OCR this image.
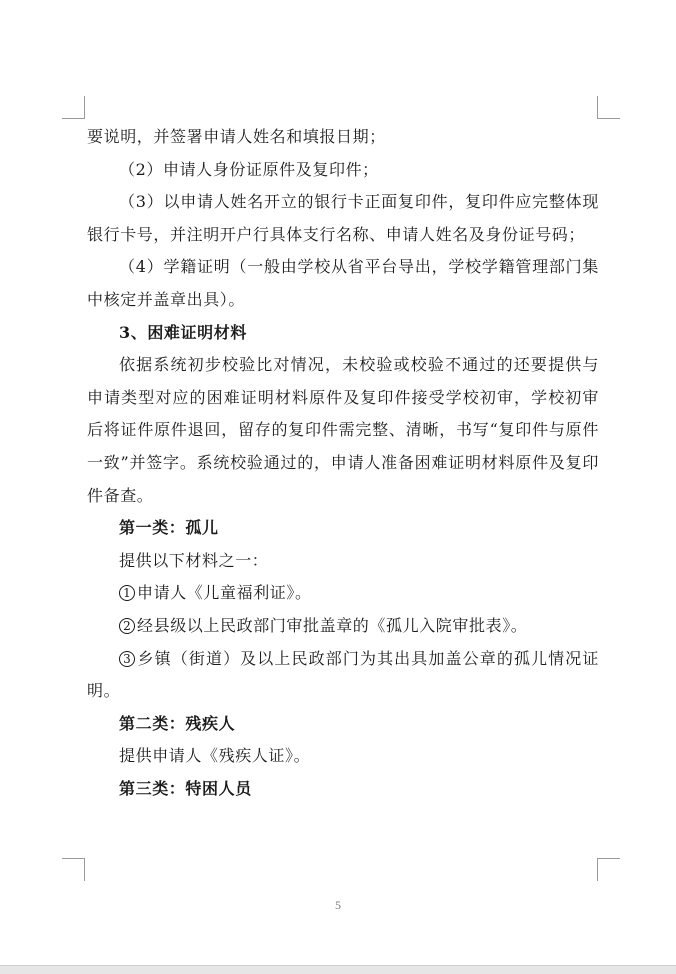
要说明，并签署申请人姓名和填报日期；

（2）申请人身份证原件及复印件；

（3）以申请人姓名开立的银行卡正面复印件，复印件应完整体现银行卡号，并注明开户行具体支行名称、申请人姓名及身份证号码；

（4）学籍证明（一般由学校从省平台导出，学校学籍管理部门集中核定并盖章出具）。

3、困难证明材料

依据系统初步校验比对情况，未校验或校验不通过的还要提供与申请类型对应的困难证明材料原件及复印件接受学校初审，学校初审后将证件原件退回，留存的复印件需完整、清晰，书写“复印件与原件一致”并签字。系统校验通过的，申请人准备困难证明材料原件及复印件备查。

第一类：孤儿

提供以下材料之一：

1 申请人《儿童福利证》。

2 经县级以上民政部门审批盖章的《孤儿入院审批表》。

3 乡镇（街道）及以上民政部门为其出具加盖公章的孤儿情况证明。

第二类：残疾人

提供申请人《残疾人证》。

第三类：特困人员

5
